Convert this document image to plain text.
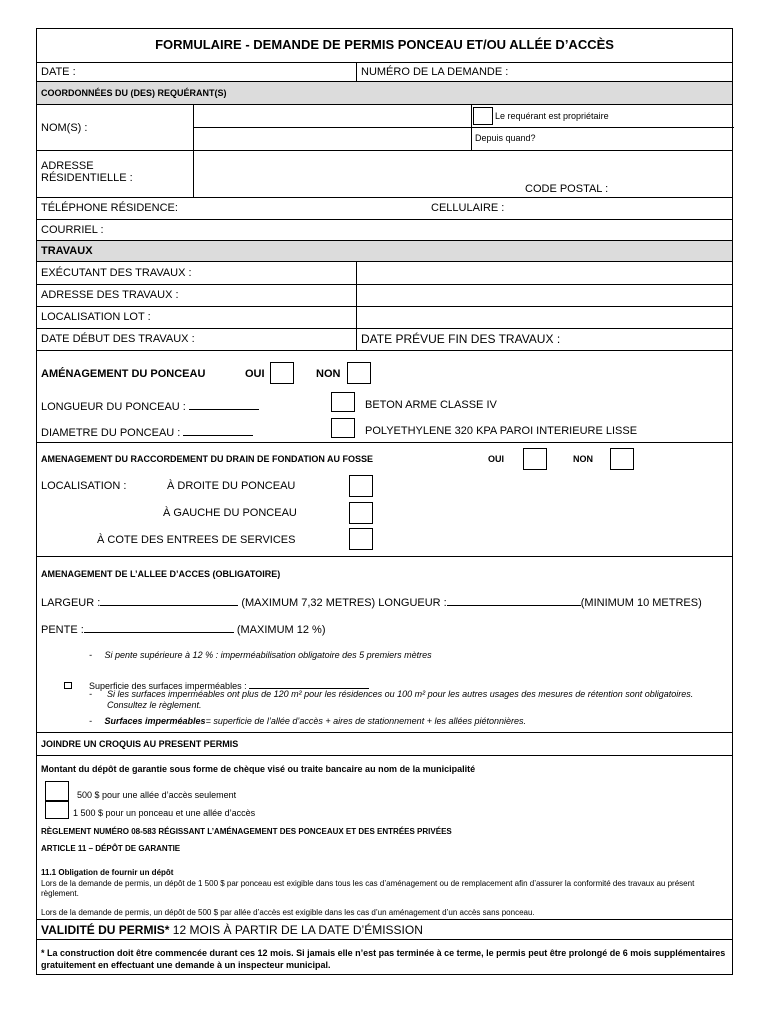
FORMULAIRE - DEMANDE DE PERMIS PONCEAU ET/OU ALLÉE D’ACCÈS
DATE :	NUMÉRO DE LA DEMANDE :
COORDONNÉES DU (DES) REQUÉRANT(S)
NOM(S) :
Le requérant est propriétaire
Depuis quand?
ADRESSE
RÉSIDENTIELLE :
CODE POSTAL :
TÉLÉPHONE RÉSIDENCE:	CELLULAIRE :
COURRIEL :
TRAVAUX
EXÉCUTANT DES TRAVAUX :
ADRESSE DES TRAVAUX :
LOCALISATION LOT :
DATE DÉBUT DES TRAVAUX :	DATE PRÉVUE FIN DES TRAVAUX :
AMÉNAGEMENT DU PONCEAU	OUI	NON
LONGUEUR DU PONCEAU :	BETON ARME CLASSE IV
DIAMETRE DU PONCEAU :	POLYETHYLENE 320 KPA PAROI INTERIEURE LISSE
AMENAGEMENT DU RACCORDEMENT DU DRAIN DE FONDATION AU FOSSE	OUI	NON
LOCALISATION :	À DROITE DU PONCEAU
À GAUCHE DU PONCEAU
À COTE DES ENTREES DE SERVICES
AMENAGEMENT DE L’ALLEE D’ACCES (OBLIGATOIRE)
LARGEUR :	(MAXIMUM 7,32 METRES) LONGUEUR :	(MINIMUM 10 METRES)
PENTE :	(MAXIMUM 12 %)
-     Si pente supérieure à 12 % : imperméabilisation obligatoire des 5 premiers mètres
Superficie des surfaces imperméables :
- Si les surfaces imperméables ont plus de 120 m² pour les résidences ou 100 m² pour les autres usages des mesures de rétention sont obligatoires. Consultez le règlement.
-     Surfaces imperméables= superficie de l’allée d’accès + aires de stationnement + les allées piétonnières.
JOINDRE UN CROQUIS AU PRESENT PERMIS
Montant du dépôt de garantie sous forme de chèque visé ou traite bancaire au nom de la municipalité
500 $ pour une allée d’accès seulement
1 500 $ pour un ponceau et une allée d’accès
RÈGLEMENT NUMÉRO 08-583 RÉGISSANT L’AMÉNAGEMENT DES PONCEAUX ET DES ENTRÉES PRIVÉES
ARTICLE 11 – DÉPÔT DE GARANTIE
11.1 Obligation de fournir un dépôt
Lors de la demande de permis, un dépôt de 1 500 $ par ponceau est exigible dans tous les cas d’aménagement ou de remplacement afin d’assurer la conformité des travaux au présent règlement.
Lors de la demande de permis, un dépôt de 500 $ par allée d’accès est exigible dans les cas d’un aménagement d’un accès sans ponceau.
VALIDITÉ DU PERMIS* 12 MOIS À PARTIR DE LA DATE D’ÉMISSION
* La construction doit être commencée durant ces 12 mois. Si jamais elle n’est pas terminée à ce terme, le permis peut être prolongé de 6 mois supplémentaires gratuitement en effectuant une demande à un inspecteur municipal.
